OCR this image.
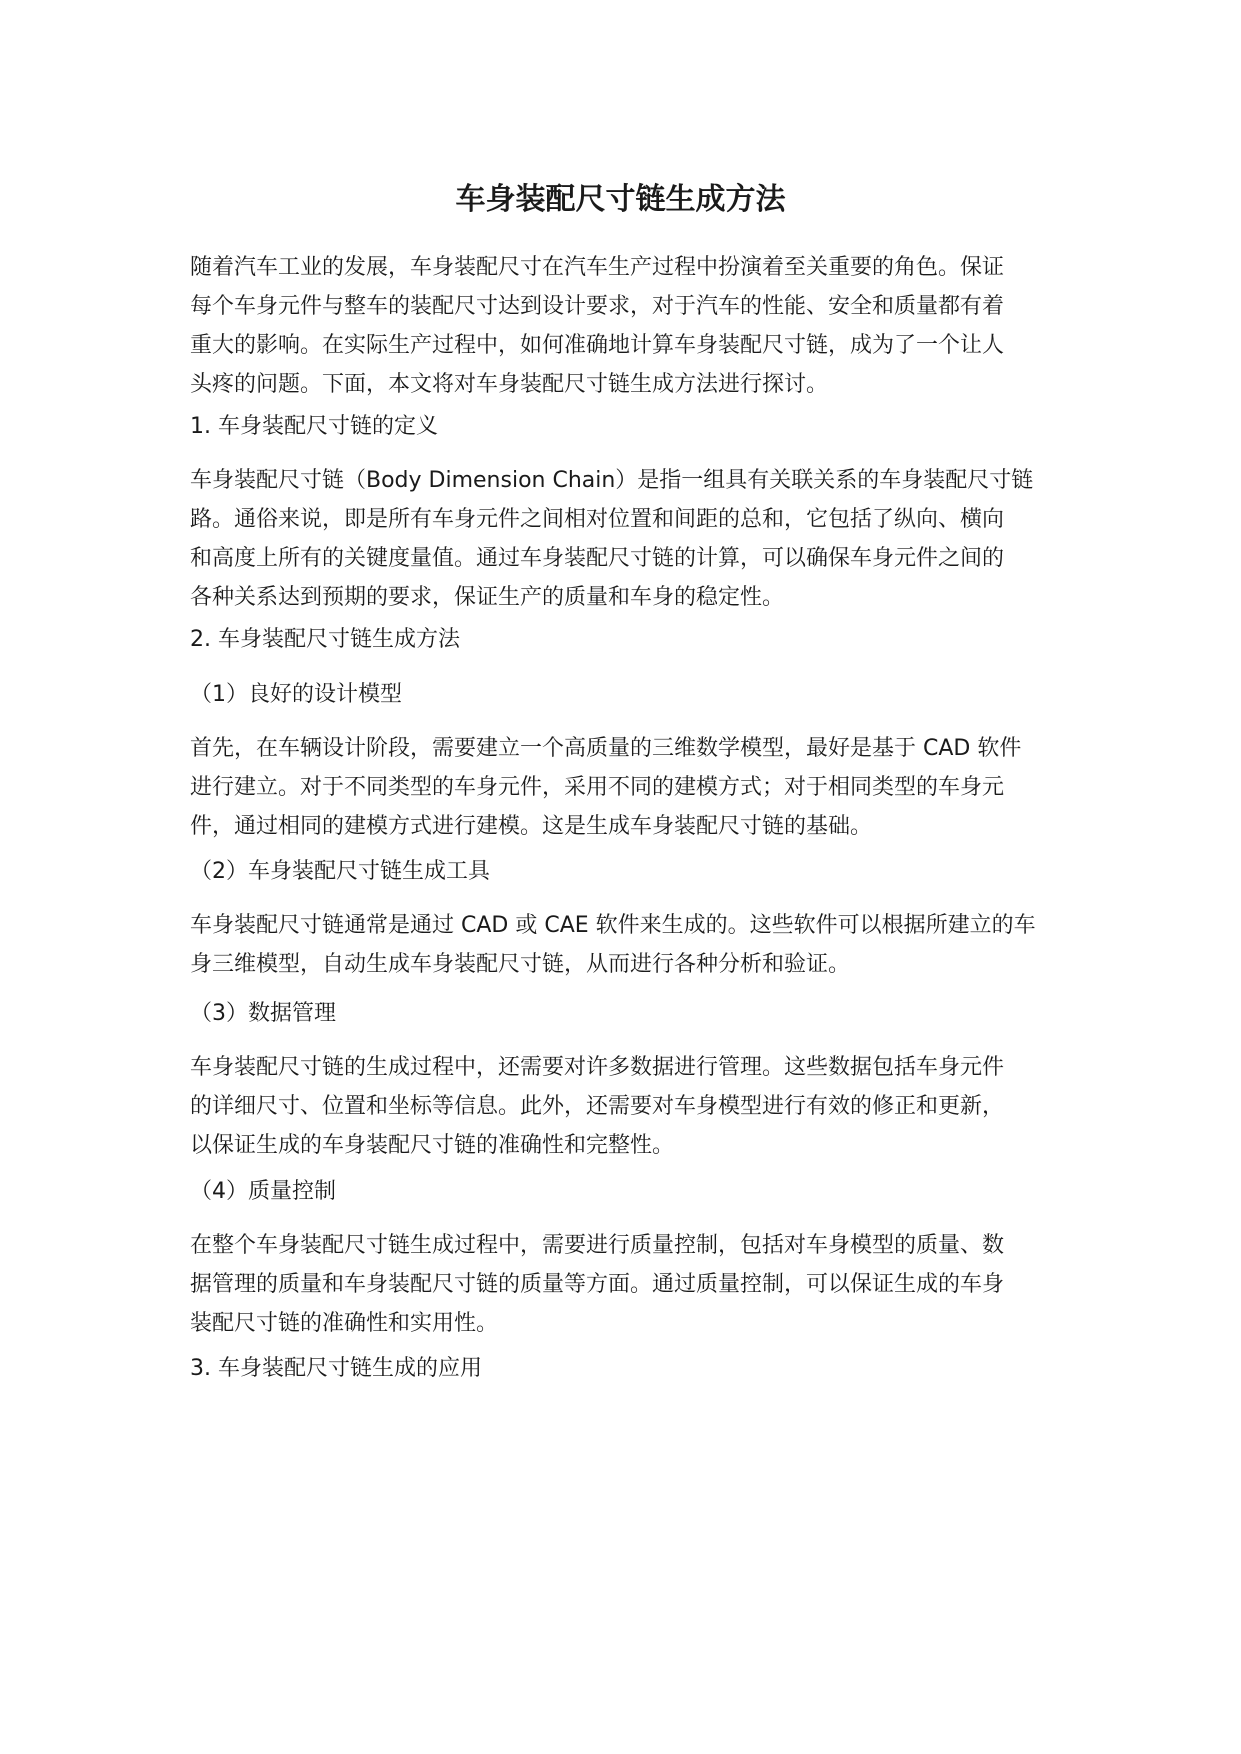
车身装配尺寸链生成方法
随着汽车工业的发展，车身装配尺寸在汽车生产过程中扮演着至关重要的角色。保证
每个车身元件与整车的装配尺寸达到设计要求，对于汽车的性能、安全和质量都有着
重大的影响。在实际生产过程中，如何准确地计算车身装配尺寸链，成为了一个让人
头疼的问题。下面，本文将对车身装配尺寸链生成方法进行探讨。
1. 车身装配尺寸链的定义
车身装配尺寸链（Body Dimension Chain）是指一组具有关联关系的车身装配尺寸链
路。通俗来说，即是所有车身元件之间相对位置和间距的总和，它包括了纵向、横向
和高度上所有的关键度量值。通过车身装配尺寸链的计算，可以确保车身元件之间的
各种关系达到预期的要求，保证生产的质量和车身的稳定性。
2. 车身装配尺寸链生成方法
（1）良好的设计模型
首先，在车辆设计阶段，需要建立一个高质量的三维数学模型，最好是基于 CAD 软件
进行建立。对于不同类型的车身元件，采用不同的建模方式；对于相同类型的车身元
件，通过相同的建模方式进行建模。这是生成车身装配尺寸链的基础。
（2）车身装配尺寸链生成工具
车身装配尺寸链通常是通过 CAD 或 CAE 软件来生成的。这些软件可以根据所建立的车
身三维模型，自动生成车身装配尺寸链，从而进行各种分析和验证。
（3）数据管理
车身装配尺寸链的生成过程中，还需要对许多数据进行管理。这些数据包括车身元件
的详细尺寸、位置和坐标等信息。此外，还需要对车身模型进行有效的修正和更新，
以保证生成的车身装配尺寸链的准确性和完整性。
（4）质量控制
在整个车身装配尺寸链生成过程中，需要进行质量控制，包括对车身模型的质量、数
据管理的质量和车身装配尺寸链的质量等方面。通过质量控制，可以保证生成的车身
装配尺寸链的准确性和实用性。
3. 车身装配尺寸链生成的应用
